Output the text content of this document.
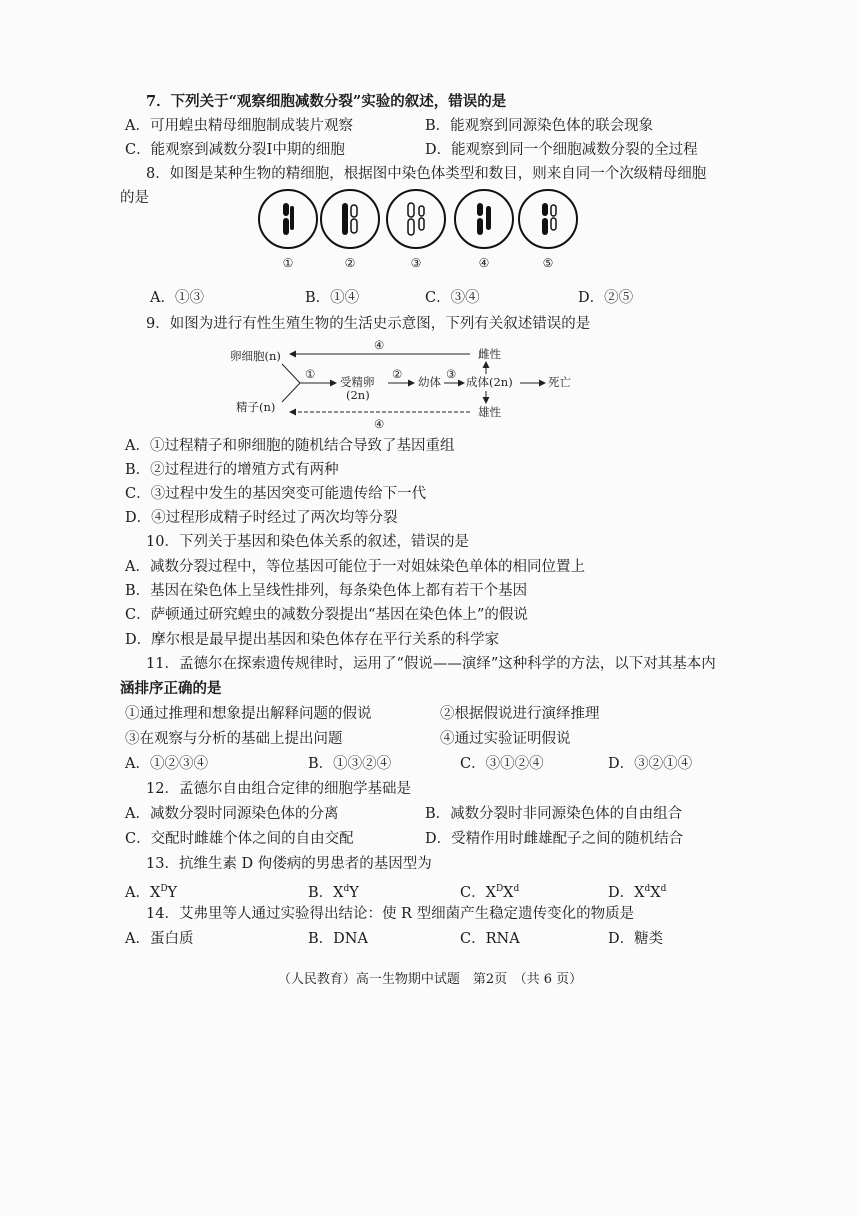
7．下列关于“观察细胞减数分裂”实验的叙述，错误的是
A．可用蝗虫精母细胞制成装片观察	B．能观察到同源染色体的联会现象
C．能观察到减数分裂Ⅰ中期的细胞	D．能观察到同一个细胞减数分裂的全过程
8．如图是某种生物的精细胞，根据图中染色体类型和数目，则来自同一个次级精母细胞
的是
①	②	③	④	⑤
A．①③	B．①④	C．③④	D．②⑤
9．如图为进行有性生殖生物的生活史示意图，下列有关叙述错误的是
卵细胞(n)
精子(n)
受精卵
(2n)
幼体 成体(2n)	死亡
雌性
雄性
①	②	③
④
④
A．①过程精子和卵细胞的随机结合导致了基因重组
B．②过程进行的增殖方式有两种
C．③过程中发生的基因突变可能遗传给下一代
D．④过程形成精子时经过了两次均等分裂
10．下列关于基因和染色体关系的叙述，错误的是
A．减数分裂过程中，等位基因可能位于一对姐妹染色单体的相同位置上
B．基因在染色体上呈线性排列，每条染色体上都有若干个基因
C．萨顿通过研究蝗虫的减数分裂提出“基因在染色体上”的假说
D．摩尔根是最早提出基因和染色体存在平行关系的科学家
11．孟德尔在探索遗传规律时，运用了“假说——演绎”这种科学的方法，以下对其基本内
涵排序正确的是
①通过推理和想象提出解释问题的假说	②根据假说进行演绎推理
③在观察与分析的基础上提出问题	④通过实验证明假说
A．①②③④	B．①③②④	C．③①②④	D．③②①④
12．孟德尔自由组合定律的细胞学基础是
A．减数分裂时同源染色体的分离	B．减数分裂时非同源染色体的自由组合
C．交配时雌雄个体之间的自由交配	D．受精作用时雌雄配子之间的随机结合
13．抗维生素 D 佝偻病的男患者的基因型为
A．$X^DY$	B．$X^dY$	C．$X^DX^d$	D．$X^dX^d$
14．艾弗里等人通过实验得出结论：使 R 型细菌产生稳定遗传变化的物质是
A．蛋白质	B．DNA	C．RNA	D．糖类
（人民教育）高一生物期中试题　第2页　（共 6 页）
